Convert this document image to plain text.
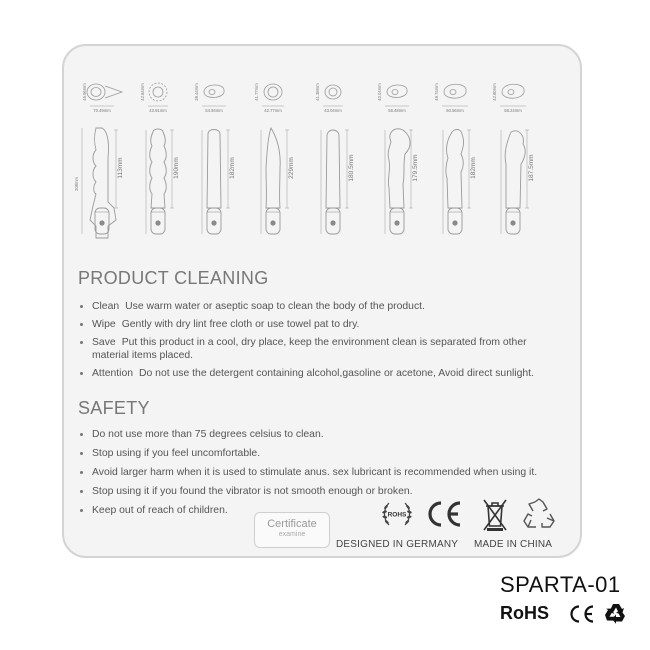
45.96mm
70.49mm
113mm
208mm
42.84mm
43.91mm
190mm
39.44mm
54.94mm
182mm
41.77mm
42.77mm
229mm
41.38mm
43.04mm
180.5mm
40.04mm
56.48mm
179.5mm
49.74mm
60.56mm
182mm
42.80mm
58.24mm
187.5mm
PRODUCT CLEANING
Clean Use warm water or aseptic soap to clean the body of the product.
Wipe Gently with dry lint free cloth or use towel pat to dry.
Save Put this product in a cool, dry place, keep the environment clean is separated from other material items placed.
Attention Do not use the detergent containing alcohol,gasoline or acetone, Avoid direct sunlight.
SAFETY
Do not use more than 75 degrees celsius to clean.
Stop using if you feel uncomfortable.
Avoid larger harm when it is used to stimulate anus. sex lubricant is recommended when using it.
Stop using it if you found the vibrator is not smooth enough or broken.
Keep out of reach of children.
Certificate
examine
ROHS
DESIGNED IN GERMANY MADE IN CHINA
SPARTA-01
RoHS
